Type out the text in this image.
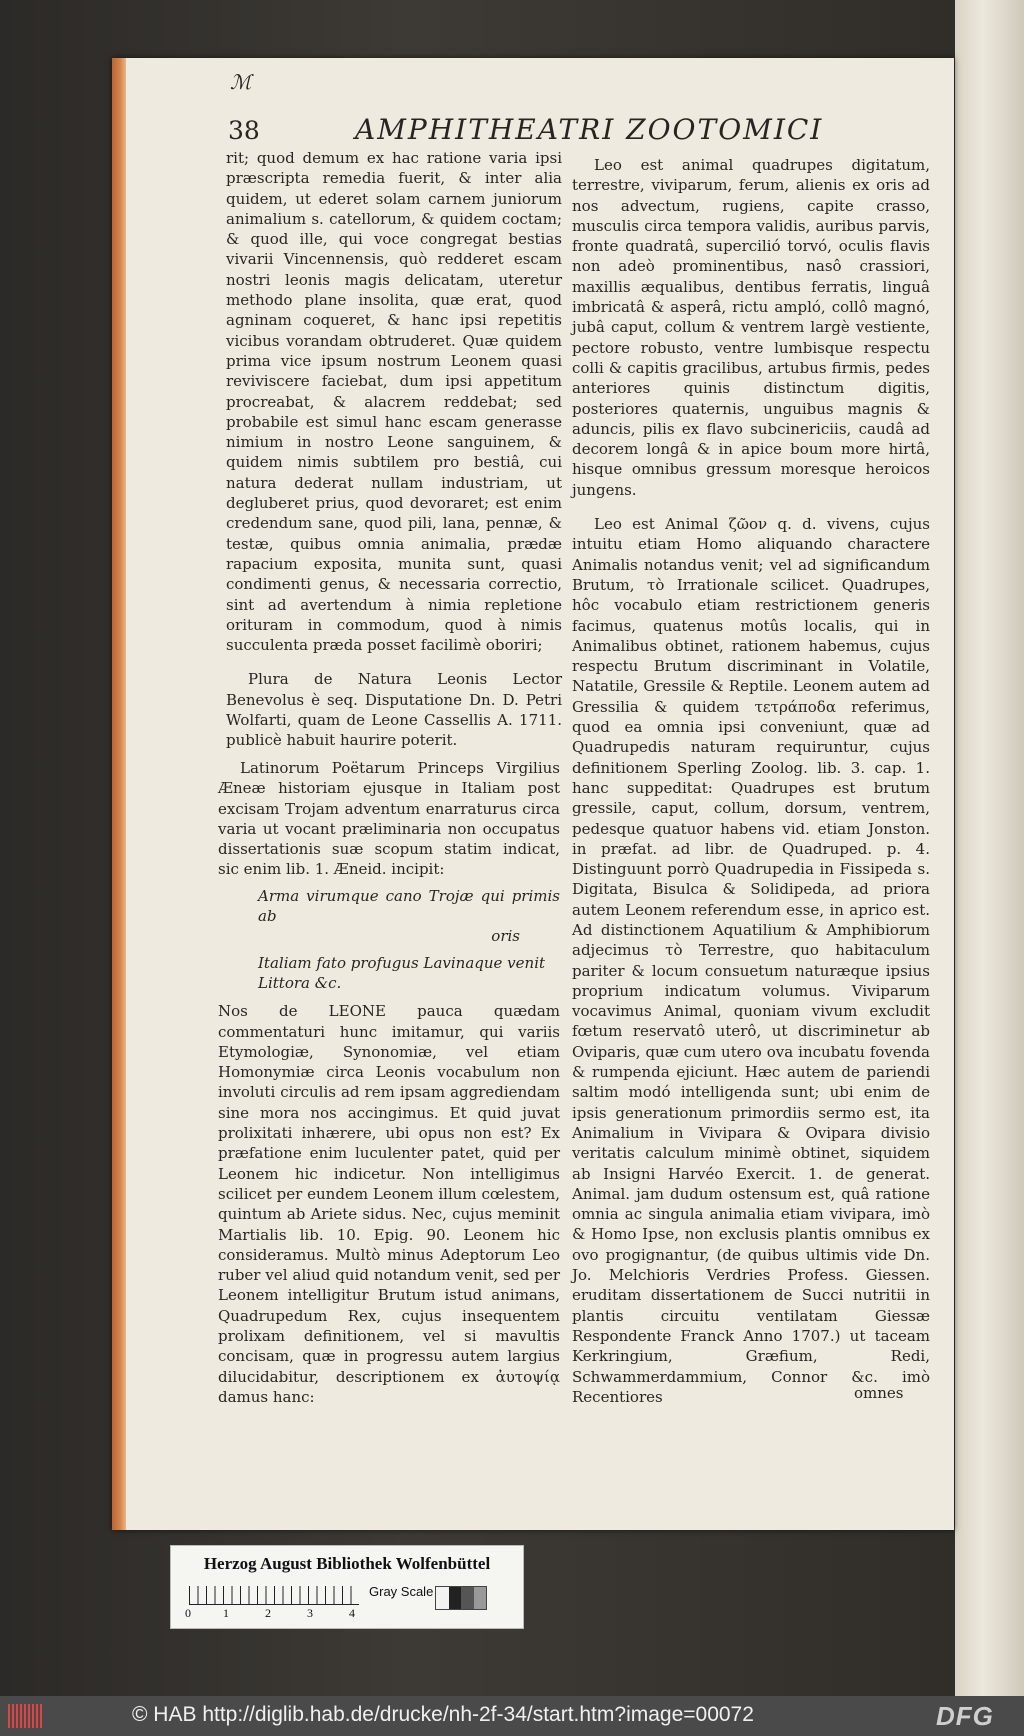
ℳ
38	AMPHITHEATRI ZOOTOMICI

rit; quod demum ex hac ratione varia ipsi præscripta remedia fuerit, & inter alia quidem, ut ederet solam carnem juniorum animalium s. catellorum, & quidem coctam; & quod ille, qui voce congregat bestias vivarii Vincennensis, quò redderet escam nostri leonis magis delicatam, uteretur methodo plane insolita, quæ erat, quod agninam coqueret, & hanc ipsi repetitis vicibus vorandam obtruderet. Quæ quidem prima vice ipsum nostrum Leonem quasi reviviscere faciebat, dum ipsi appetitum procreabat, & alacrem reddebat; sed probabile est simul hanc escam generasse nimium in nostro Leone sanguinem, & quidem nimis subtilem pro bestiâ, cui natura dederat nullam industriam, ut degluberet prius, quod devoraret; est enim credendum sane, quod pili, lana, pennæ, & testæ, quibus omnia animalia, prædæ rapacium exposita, munita sunt, quasi condimenti genus, & necessaria correctio, sint ad avertendum à nimia repletione orituram in commodum, quod à nimis succulenta præda posset facilimè oboriri;

Plura de Natura Leonis Lector Benevolus è seq. Disputatione Dn. D. Petri Wolfarti, quam de Leone Cassellis A. 1711. publicè habuit haurire poterit.

Latinorum Poëtarum Princeps Virgilius Æneæ historiam ejusque in Italiam post excisam Trojam adventum enarraturus circa varia ut vocant præliminaria non occupatus dissertationis suæ scopum statim indicat, sic enim lib. 1. Æneid. incipit:

Arma virumque cano Trojæ qui primis ab

oris

Italiam fato profugus Lavinaque venit

Littora &c.

Nos de LEONE pauca quædam commentaturi hunc imitamur, qui variis Etymologiæ, Synonomiæ, vel etiam Homonymiæ circa Leonis vocabulum non involuti circulis ad rem ipsam aggrediendam sine mora nos accingimus. Et quid juvat prolixitati inhærere, ubi opus non est? Ex præfatione enim luculenter patet, quid per Leonem hic indicetur. Non intelligimus scilicet per eundem Leonem illum cœlestem, quintum ab Ariete sidus. Nec, cujus meminit Martialis lib. 10. Epig. 90. Leonem hic consideramus. Multò minus Adeptorum Leo ruber vel aliud quid notandum venit, sed per Leonem intelligitur Brutum istud animans, Quadrupedum Rex, cujus insequentem prolixam definitionem, vel si mavultis concisam, quæ in progressu autem largius dilucidabitur, descriptionem ex ἀυτοψίᾳ damus hanc:

Leo est animal quadrupes digitatum, terrestre, viviparum, ferum, alienis ex oris ad nos advectum, rugiens, capite crasso, musculis circa tempora validis, auribus parvis, fronte quadratâ, supercilió torvó, oculis flavis non adeò prominentibus, nasô crassiori, maxillis æqualibus, dentibus ferratis, linguâ imbricatâ & asperâ, rictu ampló, collô magnó, jubâ caput, collum & ventrem largè vestiente, pectore robusto, ventre lumbisque respectu colli & capitis gracilibus, artubus firmis, pedes anteriores quinis distinctum digitis, posteriores quaternis, unguibus magnis & aduncis, pilis ex flavo subcinericiis, caudâ ad decorem longâ & in apice boum more hirtâ, hisque omnibus gressum moresque heroicos jungens.

Leo est Animal ζῶον q. d. vivens, cujus intuitu etiam Homo aliquando charactere Animalis notandus venit; vel ad significandum Brutum, τὸ Irrationale scilicet. Quadrupes, hôc vocabulo etiam restrictionem generis facimus, quatenus motûs localis, qui in Animalibus obtinet, rationem habemus, cujus respectu Brutum discriminant in Volatile, Natatile, Gressile & Reptile. Leonem autem ad Gressilia & quidem τετράποδα referimus, quod ea omnia ipsi conveniunt, quæ ad Quadrupedis naturam requiruntur, cujus definitionem Sperling Zoolog. lib. 3. cap. 1. hanc suppeditat: Quadrupes est brutum gressile, caput, collum, dorsum, ventrem, pedesque quatuor habens vid. etiam Jonston. in præfat. ad libr. de Quadruped. p. 4. Distinguunt porrò Quadrupedia in Fissipeda s. Digitata, Bisulca & Solidipeda, ad priora autem Leonem referendum esse, in aprico est. Ad distinctionem Aquatilium & Amphibiorum adjecimus τὸ Terrestre, quo habitaculum pariter & locum consuetum naturæque ipsius proprium indicatum volumus. Viviparum vocavimus Animal, quoniam vivum excludit fœtum reservatô uterô, ut discriminetur ab Oviparis, quæ cum utero ova incubatu fovenda & rumpenda ejiciunt. Hæc autem de pariendi saltim modó intelligenda sunt; ubi enim de ipsis generationum primordiis sermo est, ita Animalium in Vivipara & Ovipara divisio veritatis calculum minimè obtinet, siquidem ab Insigni Harvéo Exercit. 1. de generat. Animal. jam dudum ostensum est, quâ ratione omnia ac singula animalia etiam vivipara, imò & Homo Ipse, non exclusis plantis omnibus ex ovo progignantur, (de quibus ultimis vide Dn. Jo. Melchioris Verdries Profess. Giessen. eruditam dissertationem de Succi nutritii in plantis circuitu ventilatam Giessæ Respondente Franck Anno 1707.) ut taceam Kerkringium, Græfium, Redi, Schwammerdammium, Connor &c. imò Recentiores	omnes
Herzog August Bibliothek Wolfenbüttel
0	1	2	3	4
Gray Scale
© HAB http://diglib.hab.de/drucke/nh-2f-34/start.htm?image=00072	DFG
